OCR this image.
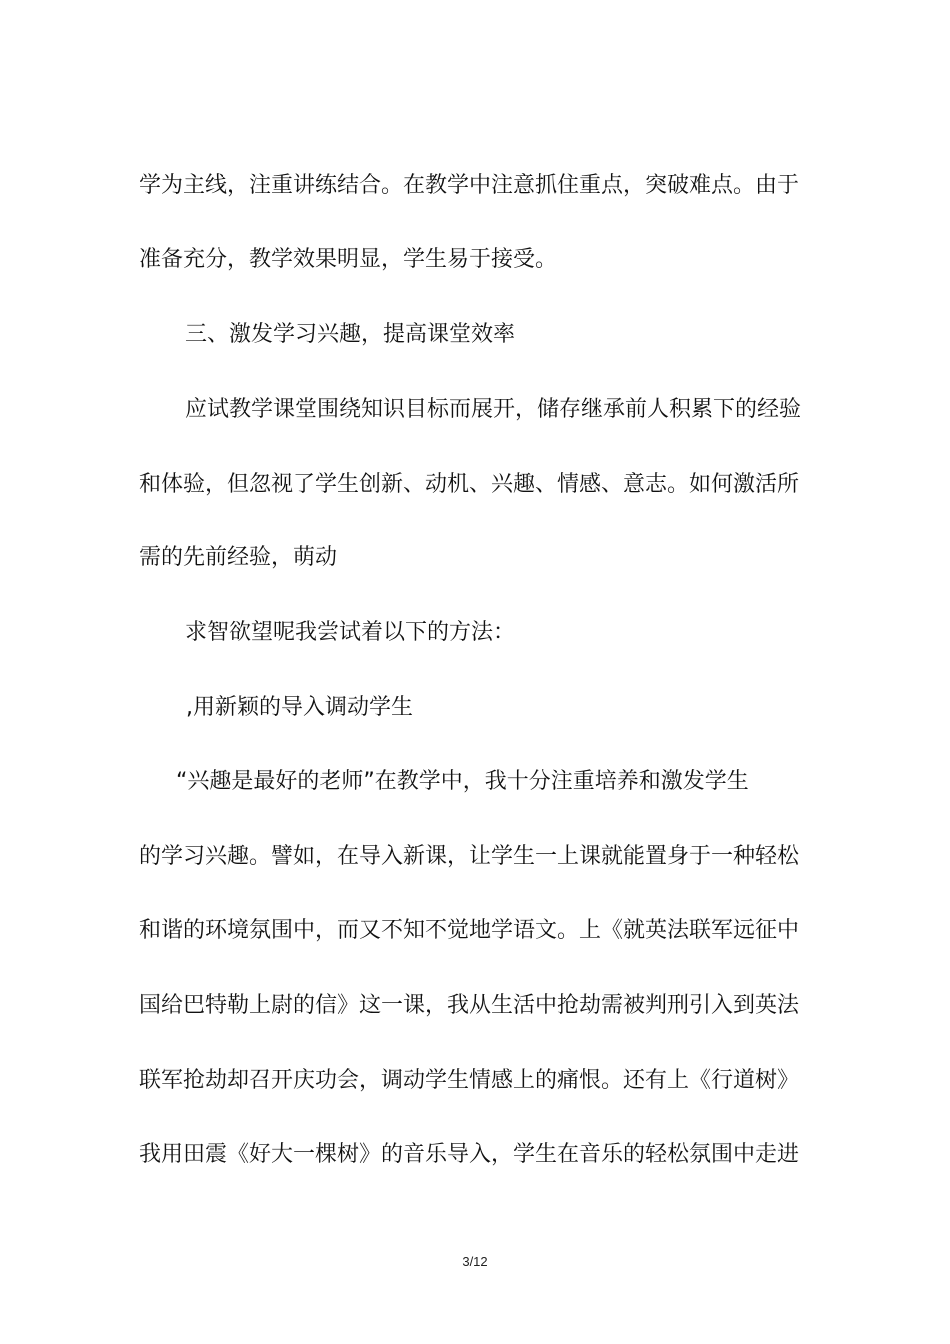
学为主线，注重讲练结合。在教学中注意抓住重点，突破难点。由于

准备充分，教学效果明显，学生易于接受。

三、激发学习兴趣，提高课堂效率

应试教学课堂围绕知识目标而展开，储存继承前人积累下的经验

和体验，但忽视了学生创新、动机、兴趣、情感、意志。如何激活所

需的先前经验，萌动

求智欲望呢我尝试着以下的方法：

,用新颖的导入调动学生

“兴趣是最好的老师”在教学中，我十分注重培养和激发学生

的学习兴趣。譬如，在导入新课，让学生一上课就能置身于一种轻松

和谐的环境氛围中，而又不知不觉地学语文。上《就英法联军远征中

国给巴特勒上尉的信》这一课，我从生活中抢劫需被判刑引入到英法

联军抢劫却召开庆功会，调动学生情感上的痛恨。还有上《行道树》

我用田震《好大一棵树》的音乐导入，学生在音乐的轻松氛围中走进

3/12
